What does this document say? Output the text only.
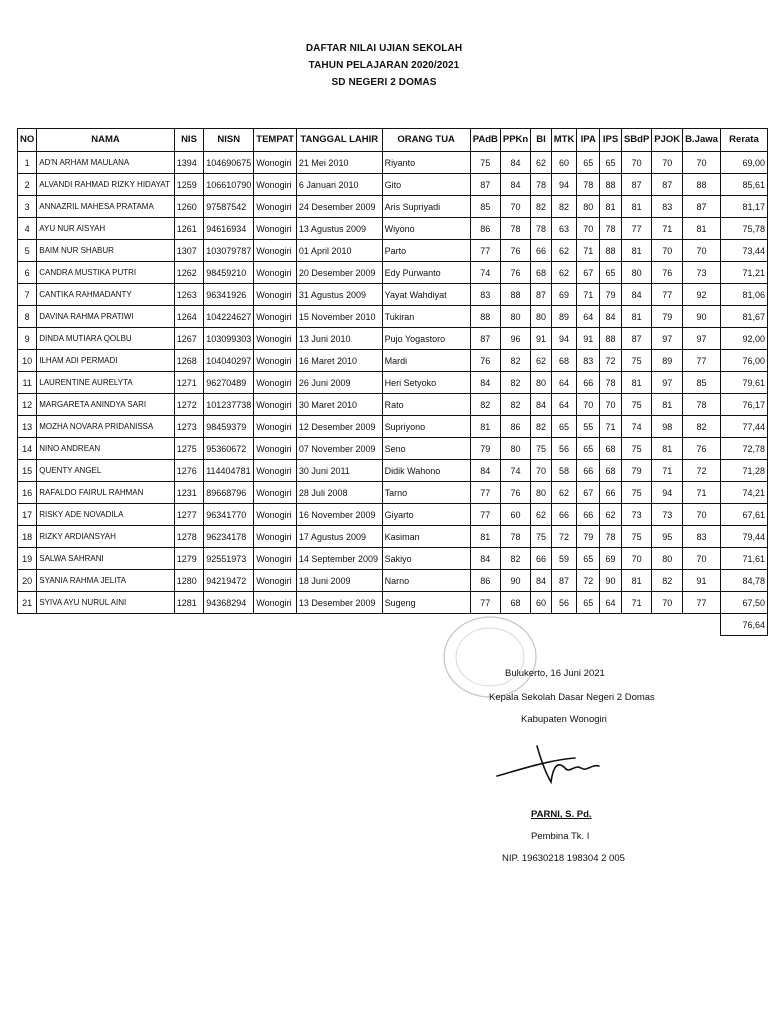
DAFTAR NILAI UJIAN SEKOLAH
TAHUN PELAJARAN 2020/2021
SD NEGERI 2 DOMAS
NO	NAMA	NIS	NISN	TEMPAT	TANGGAL LAHIR	ORANG TUA	PAdB	PPKn	BI	MTK	IPA	IPS	SBdP	PJOK	B.Jawa	Rerata
1	AD'N ARHAM MAULANA	1394	104690675	Wonogiri	21 Mei 2010	Riyanto	75	84	62	60	65	65	70	70	70	69,00
2	ALVANDI RAHMAD RIZKY HIDAYAT	1259	106610790	Wonogiri	6 Januari 2010	Gito	87	84	78	94	78	88	87	87	88	85,61
3	ANNAZRIL MAHESA PRATAMA	1260	97587542	Wonogiri	24 Desember 2009	Aris Supriyadi	85	70	82	82	80	81	81	83	87	81,17
4	AYU NUR AISYAH	1261	94616934	Wonogiri	13 Agustus 2009	Wiyono	86	78	78	63	70	78	77	71	81	75,78
5	BAIM NUR SHABUR	1307	103079787	Wonogiri	01 April 2010	Parto	77	76	66	62	71	88	81	70	70	73,44
6	CANDRA MUSTIKA PUTRI	1262	98459210	Wonogiri	20 Desember 2009	Edy Purwanto	74	76	68	62	67	65	80	76	73	71,21
7	CANTIKA RAHMADANTY	1263	96341926	Wonogiri	31 Agustus 2009	Yayat Wahdiyat	83	88	87	69	71	79	84	77	92	81,06
8	DAVINA RAHMA PRATIWI	1264	104224627	Wonogiri	15 November 2010	Tukiran	88	80	80	89	64	84	81	79	90	81,67
9	DINDA MUTIARA QOLBU	1267	103099303	Wonogiri	13 Juni 2010	Pujo Yogastoro	87	96	91	94	91	88	87	97	97	92,00
10	ILHAM ADI PERMADI	1268	104040297	Wonogiri	16 Maret 2010	Mardi	76	82	62	68	83	72	75	89	77	76,00
11	LAURENTINE AURELYTA	1271	96270489	Wonogiri	26 Juni 2009	Heri Setyoko	84	82	80	64	66	78	81	97	85	79,61
12	MARGARETA ANINDYA SARI	1272	101237738	Wonogiri	30 Maret 2010	Rato	82	82	84	64	70	70	75	81	78	76,17
13	MOZHA NOVARA PRIDANISSA	1273	98459379	Wonogiri	12 Desember 2009	Supriyono	81	86	82	65	55	71	74	98	82	77,44
14	NINO ANDREAN	1275	95360672	Wonogiri	07 November 2009	Seno	79	80	75	56	65	68	75	81	76	72,78
15	QUENTY ANGEL	1276	114404781	Wonogiri	30 Juni 2011	Didik Wahono	84	74	70	58	66	68	79	71	72	71,28
16	RAFALDO FAIRUL RAHMAN	1231	89668796	Wonogiri	28 Juli 2008	Tarno	77	76	80	62	67	66	75	94	71	74,21
17	RISKY ADE NOVADILA	1277	96341770	Wonogiri	16 November 2009	Giyarto	77	60	62	66	66	62	73	73	70	67,61
18	RIZKY ARDIANSYAH	1278	96234178	Wonogiri	17 Agustus 2009	Kasiman	81	78	75	72	79	78	75	95	83	79,44
19	SALWA SAHRANI	1279	92551973	Wonogiri	14 September 2009	Sakiyo	84	82	66	59	65	69	70	80	70	71,61
20	SYANIA RAHMA JELITA	1280	94219472	Wonogiri	18 Juni 2009	Narno	86	90	84	87	72	90	81	82	91	84,78
21	SYIVA AYU NURUL AINI	1281	94368294	Wonogiri	13 Desember 2009	Sugeng	77	68	60	56	65	64	71	70	77	67,50
																76,64
Bulukerto, 16 Juni 2021
Kepala Sekolah Dasar Negeri 2 Domas
Kabupaten Wonogiri
PARNI, S. Pd.
Pembina Tk. I
NIP. 19630218 198304 2 005
